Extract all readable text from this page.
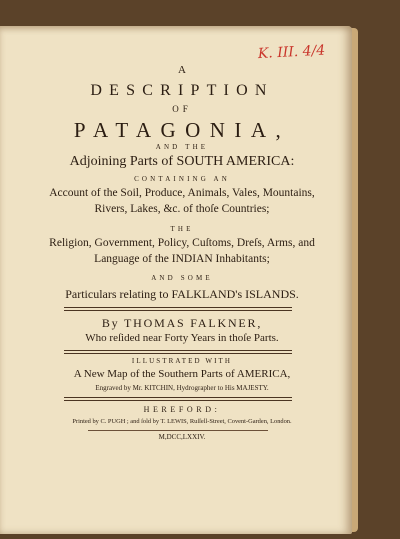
K. III. 4/4
A
DESCRIPTION
OF
PATAGONIA,
AND THE
Adjoining Parts of SOUTH AMERICA:
CONTAINING AN
Account of the Soil, Produce, Animals, Vales, Mountains,
Rivers, Lakes, &c. of thoſe Countries;
THE
Religion, Government, Policy, Cuſtoms, Dreſs, Arms, and
Language of the INDIAN Inhabitants;
AND SOME
Particulars relating to FALKLAND's ISLANDS.
By THOMAS FALKNER,
Who reſided near Forty Years in thoſe Parts.
ILLUSTRATED WITH
A New Map of the Southern Parts of AMERICA,
Engraved by Mr. KITCHIN, Hydrographer to His MAJESTY.
HEREFORD:
Printed by C. PUGH ; and ſold by T. LEWIS, Ruſſell-Street, Covent-Garden, London.
M,DCC,LXXIV.
